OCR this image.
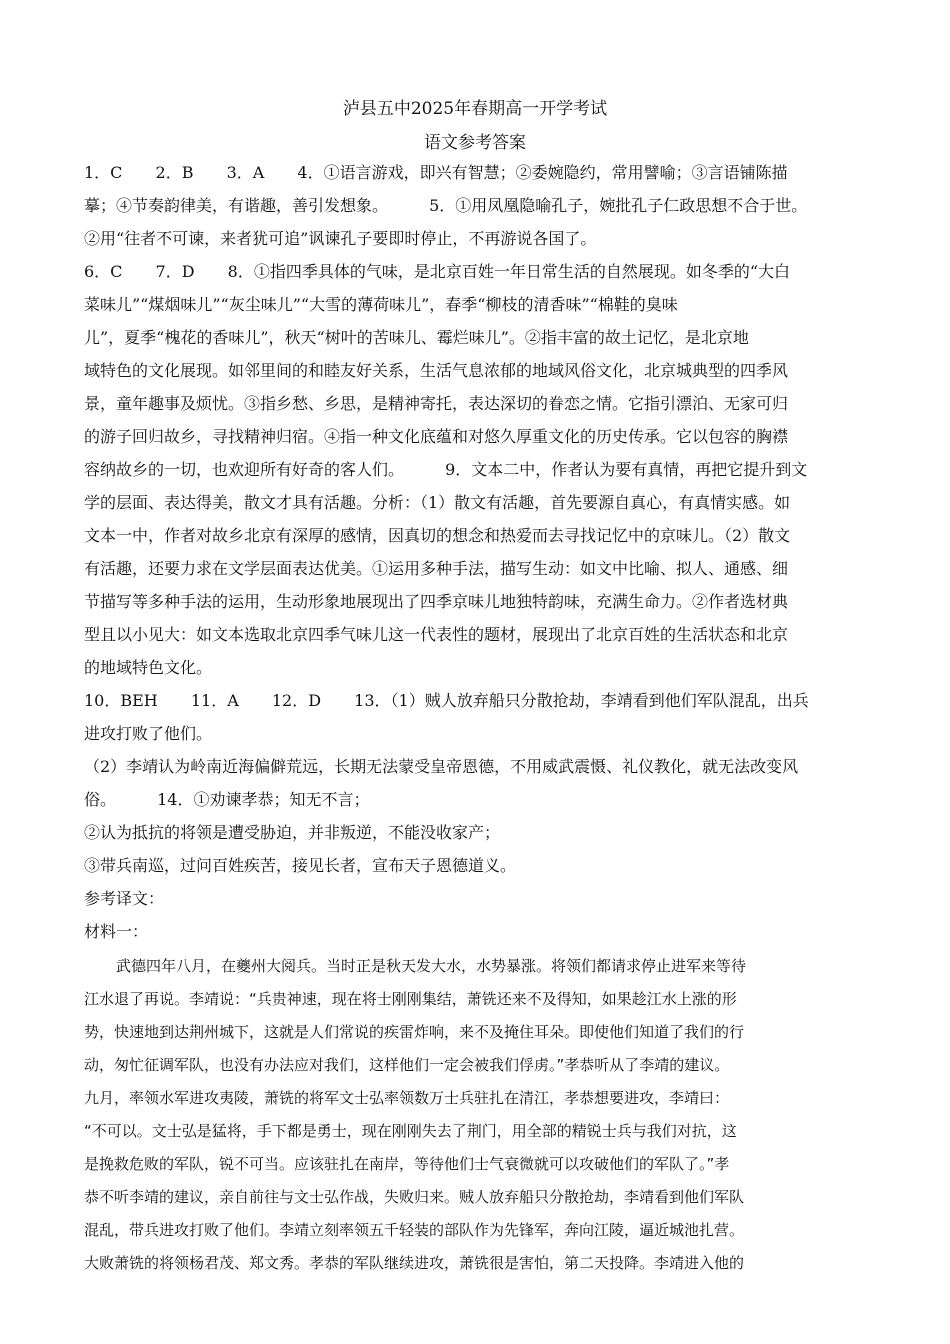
泸县五中2025年春期高一开学考试
语文参考答案
1．C 2．B 3．A 4．①语言游戏，即兴有智慧；②委婉隐约，常用譬喻；③言语铺陈描
摹；④节奏韵律美，有谐趣，善引发想象。	5．①用凤凰隐喻孔子，婉批孔子仁政思想不合于世。
②用“往者不可谏，来者犹可追”讽谏孔子要即时停止，不再游说各国了。
6．C 7．D 8．①指四季具体的气味，是北京百姓一年日常生活的自然展现。如冬季的“大白
菜味儿”“煤烟味儿”“灰尘味儿”“大雪的薄荷味儿”，春季“柳枝的清香味”“棉鞋的臭味
儿”，夏季“槐花的香味儿”，秋天“树叶的苦味儿、霉烂味儿”。②指丰富的故土记忆，是北京地
域特色的文化展现。如邻里间的和睦友好关系，生活气息浓郁的地域风俗文化，北京城典型的四季风
景，童年趣事及烦忧。③指乡愁、乡思，是精神寄托，表达深切的眷恋之情。它指引漂泊、无家可归
的游子回归故乡，寻找精神归宿。④指一种文化底蕴和对悠久厚重文化的历史传承。它以包容的胸襟
容纳故乡的一切，也欢迎所有好奇的客人们。	9．文本二中，作者认为要有真情，再把它提升到文
学的层面、表达得美，散文才具有活趣。分析：（1）散文有活趣，首先要源自真心，有真情实感。如
文本一中，作者对故乡北京有深厚的感情，因真切的想念和热爱而去寻找记忆中的京味儿。（2）散文
有活趣，还要力求在文学层面表达优美。①运用多种手法，描写生动：如文中比喻、拟人、通感、细
节描写等多种手法的运用，生动形象地展现出了四季京味儿地独特韵味，充满生命力。②作者选材典
型且以小见大：如文本选取北京四季气味儿这一代表性的题材，展现出了北京百姓的生活状态和北京
的地域特色文化。
10．BEH 11．A 12．D 13．（1）贼人放弃船只分散抢劫，李靖看到他们军队混乱，出兵
进攻打败了他们。
（2）李靖认为岭南近海偏僻荒远，长期无法蒙受皇帝恩德，不用威武震慑、礼仪教化，就无法改变风
俗。	14．①劝谏孝恭；知无不言；
②认为抵抗的将领是遭受胁迫，并非叛逆，不能没收家产；
③带兵南巡，过问百姓疾苦，接见长者，宣布天子恩德道义。
参考译文：
材料一：
武德四年八月，在夔州大阅兵。当时正是秋天发大水，水势暴涨。将领们都请求停止进军来等待
江水退了再说。李靖说：“兵贵神速，现在将士刚刚集结，萧铣还来不及得知，如果趁江水上涨的形
势，快速地到达荆州城下，这就是人们常说的疾雷炸响，来不及掩住耳朵。即使他们知道了我们的行
动，匆忙征调军队，也没有办法应对我们，这样他们一定会被我们俘虏。”孝恭听从了李靖的建议。
九月，率领水军进攻夷陵，萧铣的将军文士弘率领数万士兵驻扎在清江，孝恭想要进攻，李靖曰：
“不可以。文士弘是猛将，手下都是勇士，现在刚刚失去了荆门，用全部的精锐士兵与我们对抗，这
是挽救危败的军队，锐不可当。应该驻扎在南岸，等待他们士气衰微就可以攻破他们的军队了。”孝
恭不听李靖的建议，亲自前往与文士弘作战，失败归来。贼人放弃船只分散抢劫，李靖看到他们军队
混乱，带兵进攻打败了他们。李靖立刻率领五千轻装的部队作为先锋军，奔向江陵，逼近城池扎营。
大败萧铣的将领杨君茂、郑文秀。孝恭的军队继续进攻，萧铣很是害怕，第二天投降。李靖进入他的
